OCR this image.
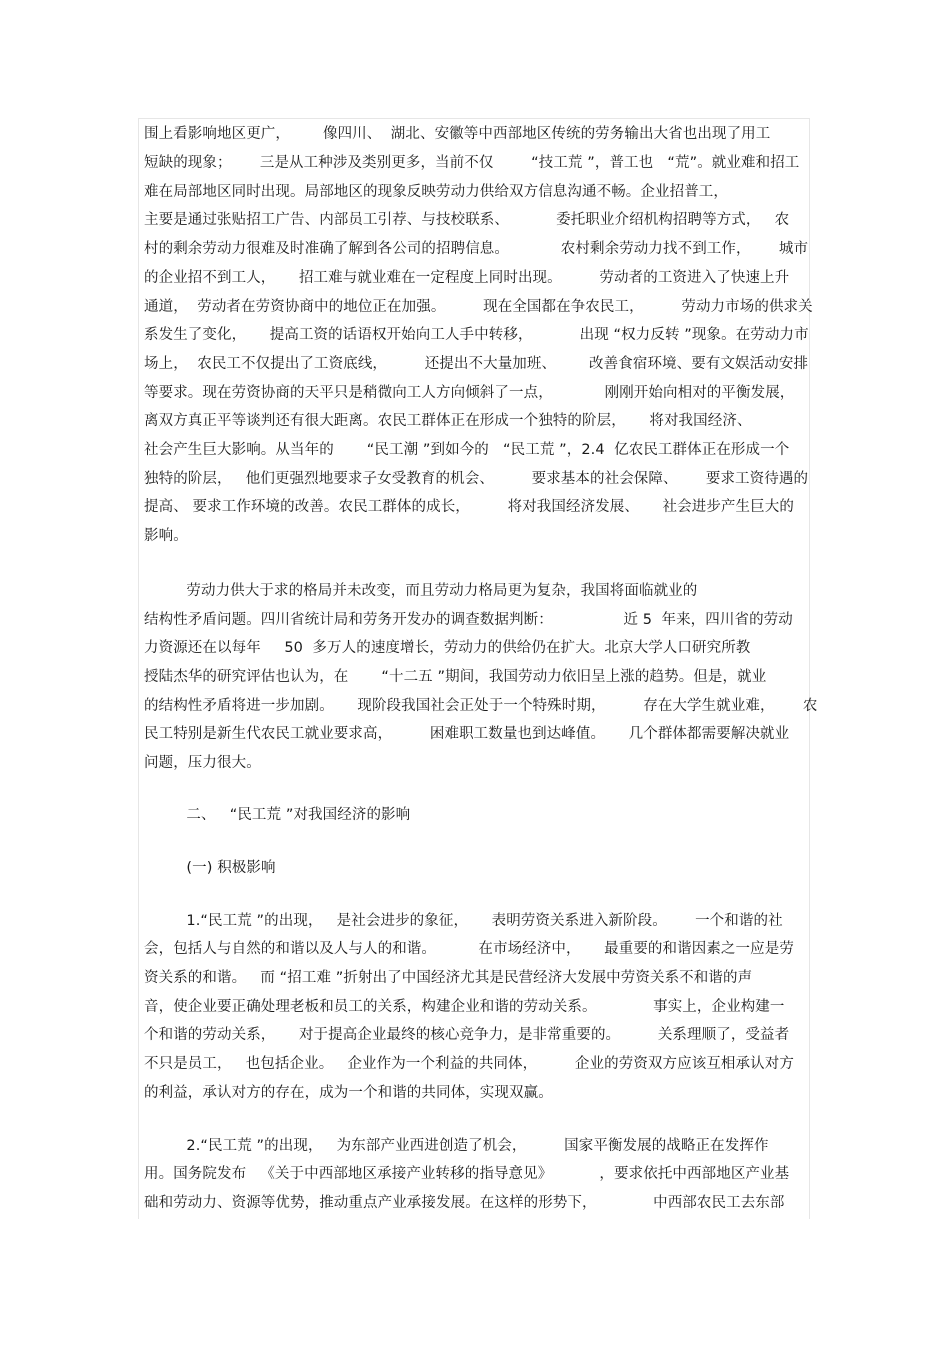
围上看影响地区更广，       像四川、  湖北、安徽等中西部地区传统的劳务输出大省也出现了用工
短缺的现象；      三是从工种涉及类别更多，当前不仅        “技工荒 ”，普工也   “荒”。就业难和招工
难在局部地区同时出现。局部地区的现象反映劳动力供给双方信息沟通不畅。企业招普工，
主要是通过张贴招工广告、内部员工引荐、与技校联系、          委托职业介绍机构招聘等方式，   农
村的剩余劳动力很难及时准确了解到各公司的招聘信息。           农村剩余劳动力找不到工作，      城市
的企业招不到工人，     招工难与就业难在一定程度上同时出现。        劳动者的工资进入了快速上升
通道，  劳动者在劳资协商中的地位正在加强。        现在全国都在争农民工，        劳动力市场的供求关
系发生了变化，     提高工资的话语权开始向工人手中转移，          出现 “权力反转 ”现象。在劳动力市
场上，  农民工不仅提出了工资底线，        还提出不大量加班、       改善食宿环境、要有文娱活动安排
等要求。现在劳资协商的天平只是稍微向工人方向倾斜了一点，           刚刚开始向相对的平衡发展，
离双方真正平等谈判还有很大距离。农民工群体正在形成一个独特的阶层，     将对我国经济、
社会产生巨大影响。从当年的       “民工潮 ”到如今的   “民工荒 ”，2.4  亿农民工群体正在形成一个
独特的阶层，   他们更强烈地要求子女受教育的机会、        要求基本的社会保障、      要求工资待遇的
提高、 要求工作环境的改善。农民工群体的成长，        将对我国经济发展、     社会进步产生巨大的
影响。
劳动力供大于求的格局并未改变，而且劳动力格局更为复杂，我国将面临就业的
结构性矛盾问题。四川省统计局和劳务开发办的调查数据判断：               近 5  年来，四川省的劳动
力资源还在以每年     50  多万人的速度增长，劳动力的供给仍在扩大。北京大学人口研究所教
授陆杰华的研究评估也认为，在       “十二五 ”期间，我国劳动力依旧呈上涨的趋势。但是，就业
的结构性矛盾将进一步加剧。     现阶段我国社会正处于一个特殊时期，        存在大学生就业难，      农
民工特别是新生代农民工就业要求高，        困难职工数量也到达峰值。     几个群体都需要解决就业
问题，压力很大。
二、   “民工荒 ”对我国经济的影响
(一) 积极影响
1.“民工荒 ”的出现，   是社会进步的象征，     表明劳资关系进入新阶段。      一个和谐的社
会，包括人与自然的和谐以及人与人的和谐。         在市场经济中，     最重要的和谐因素之一应是劳
资关系的和谐。   而 “招工难 ”折射出了中国经济尤其是民营经济大发展中劳资关系不和谐的声
音，使企业要正确处理老板和员工的关系，构建企业和谐的劳动关系。            事实上，企业构建一
个和谐的劳动关系，     对于提高企业最终的核心竞争力，是非常重要的。        关系理顺了，受益者
不只是员工，   也包括企业。   企业作为一个利益的共同体，        企业的劳资双方应该互相承认对方
的利益，承认对方的存在，成为一个和谐的共同体，实现双赢。
2.“民工荒 ”的出现，   为东部产业西进创造了机会，        国家平衡发展的战略正在发挥作
用。国务院发布   《关于中西部地区承接产业转移的指导意见》          ，要求依托中西部地区产业基
础和劳动力、资源等优势，推动重点产业承接发展。在这样的形势下，            中西部农民工去东部
